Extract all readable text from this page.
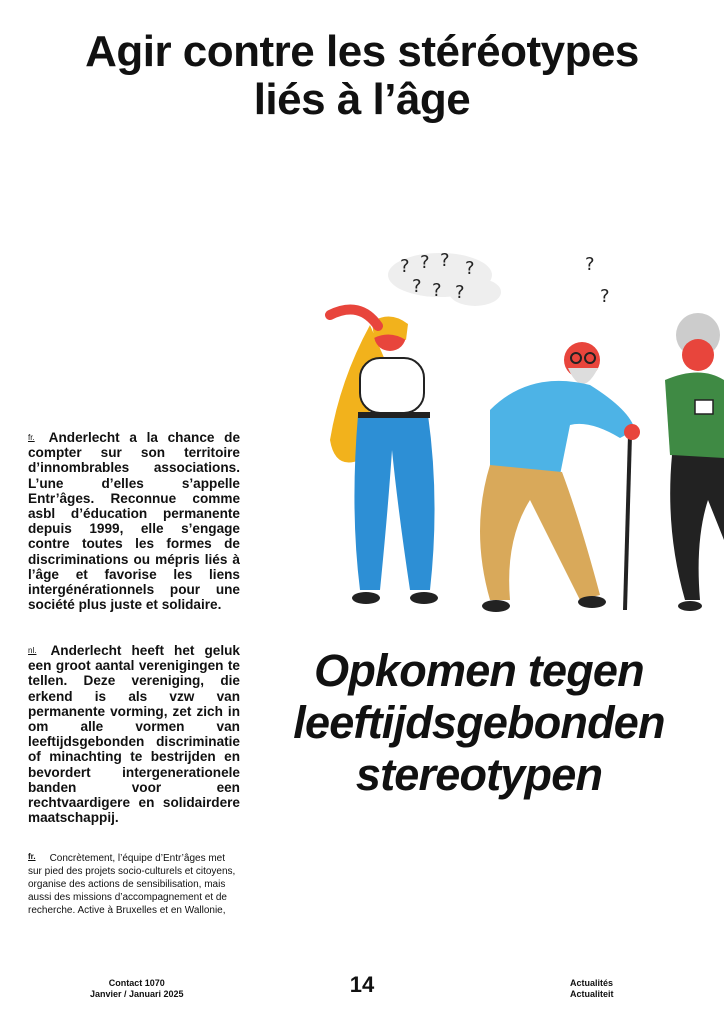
Agir contre les stéréotypes
liés à l’âge

fr. Anderlecht a la chance de compter sur son territoire d’innombrables associations. L’une d’elles s’appelle Entr’âges. Reconnue comme asbl d’éducation permanente depuis 1999, elle s’engage contre toutes les formes de discriminations ou mépris liés à l’âge et favorise les liens intergénérationnels pour une société plus juste et solidaire.

nl. Anderlecht heeft het geluk een groot aantal verenigingen te tellen. Deze vereniging, die erkend is als vzw van permanente vorming, zet zich in om alle vormen van leeftijdsgebonden discriminatie of minachting te bestrijden en bevordert intergenerationele banden voor een rechtvaardigere en solidairdere maatschappij.

$^{fr.}$ Concrètement, l’équipe d’Entr’âges met sur pied des projets socio-culturels et citoyens, organise des actions de sensibilisation, mais aussi des missions d’accompagnement et de recherche. Active à Bruxelles et en Wallonie,

? ? ? ?
? ? ?
?
?
Opkomen tegen
leeftijdsgebonden
stereotypen
Contact 1070
Janvier / Januari 2025	14	Actualités
Actualiteit
